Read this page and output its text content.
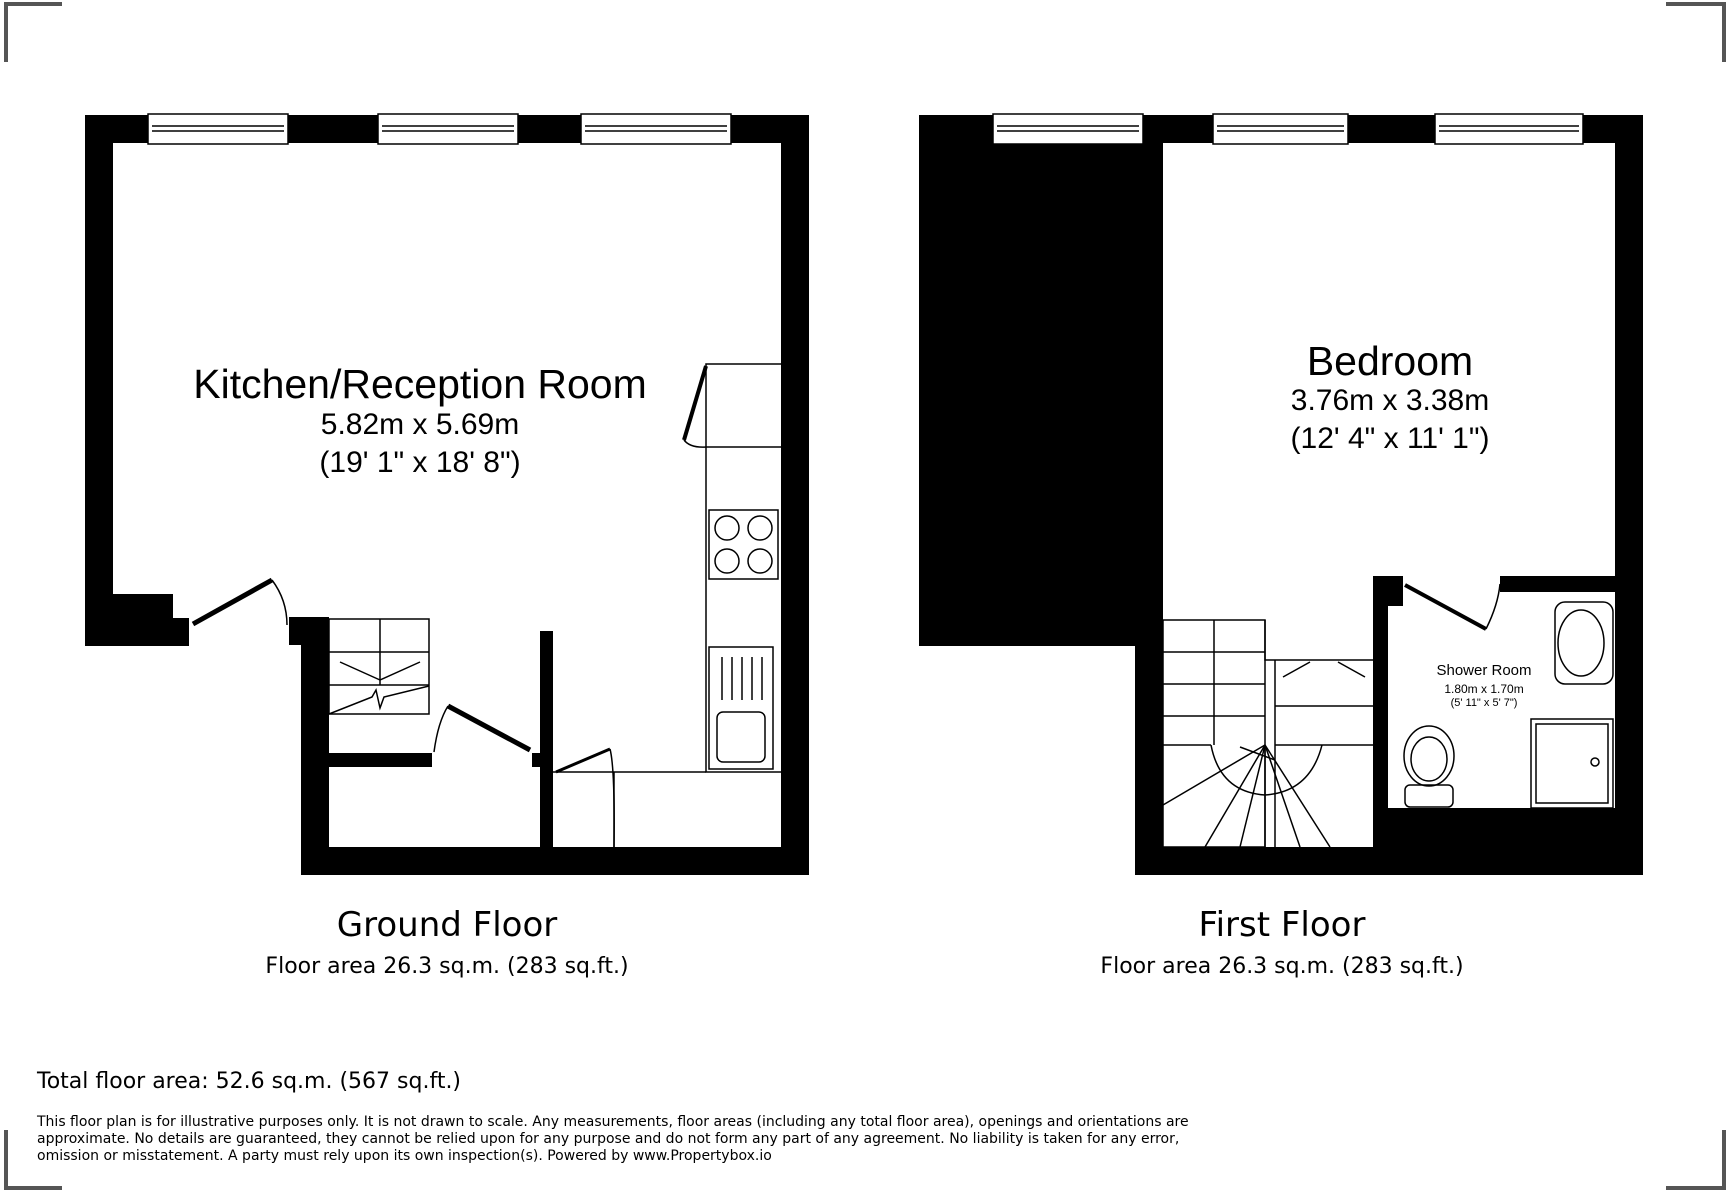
Kitchen/Reception Room
5.82m x 5.69m
(19' 1" x 18' 8")
Bedroom
3.76m x 3.38m
(12' 4" x 11' 1")
Shower Room
1.80m x 1.70m
(5' 11" x 5' 7")
Ground Floor
Floor area 26.3 sq.m. (283 sq.ft.)
First Floor
Floor area 26.3 sq.m. (283 sq.ft.)
Total floor area: 52.6 sq.m. (567 sq.ft.)
This floor plan is for illustrative purposes only. It is not drawn to scale. Any measurements, floor areas (including any total floor area), openings and orientations are approximate. No details are guaranteed, they cannot be relied upon for any purpose and do not form any part of any agreement. No liability is taken for any error, omission or misstatement. A party must rely upon its own inspection(s). Powered by www.Propertybox.io
